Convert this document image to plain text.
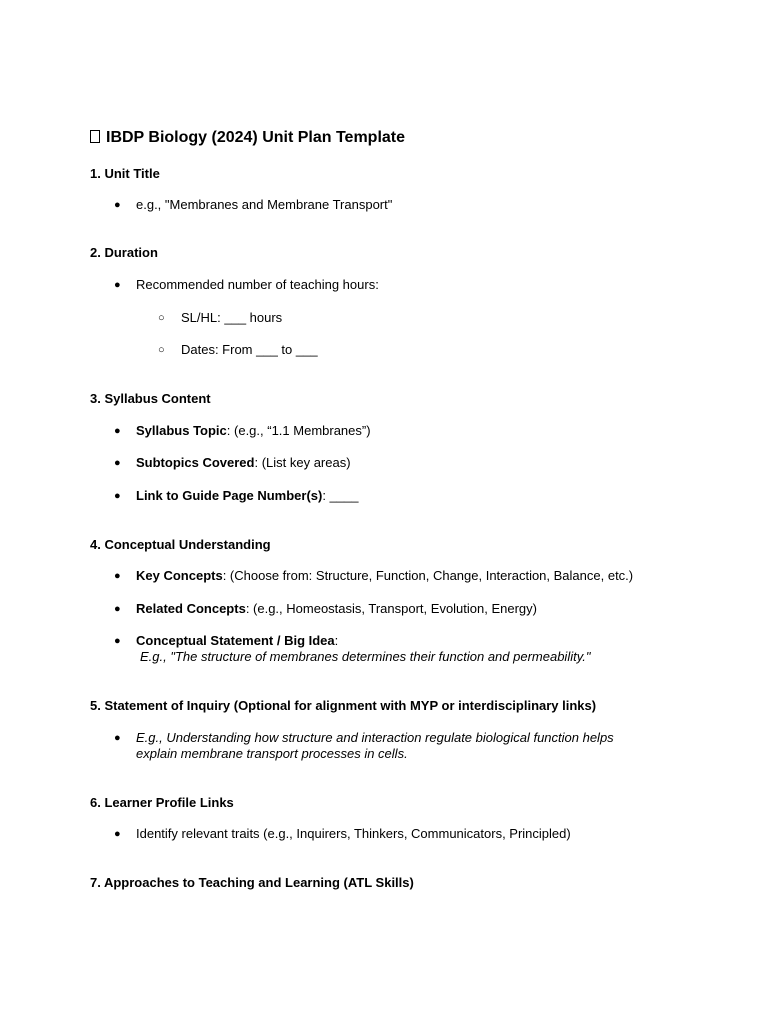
IBDP Biology (2024) Unit Plan Template
1. Unit Title
● e.g., "Membranes and Membrane Transport"
2. Duration
● Recommended number of teaching hours:
○ SL/HL: ___ hours
○ Dates: From ___ to ___
3. Syllabus Content
● Syllabus Topic: (e.g., “1.1 Membranes”)
● Subtopics Covered: (List key areas)
● Link to Guide Page Number(s): ____
4. Conceptual Understanding
● Key Concepts: (Choose from: Structure, Function, Change, Interaction, Balance, etc.)
● Related Concepts: (e.g., Homeostasis, Transport, Evolution, Energy)
● Conceptual Statement / Big Idea:
E.g., "The structure of membranes determines their function and permeability."
5. Statement of Inquiry (Optional for alignment with MYP or interdisciplinary links)
● E.g., Understanding how structure and interaction regulate biological function helps
explain membrane transport processes in cells.
6. Learner Profile Links
● Identify relevant traits (e.g., Inquirers, Thinkers, Communicators, Principled)
7. Approaches to Teaching and Learning (ATL Skills)
